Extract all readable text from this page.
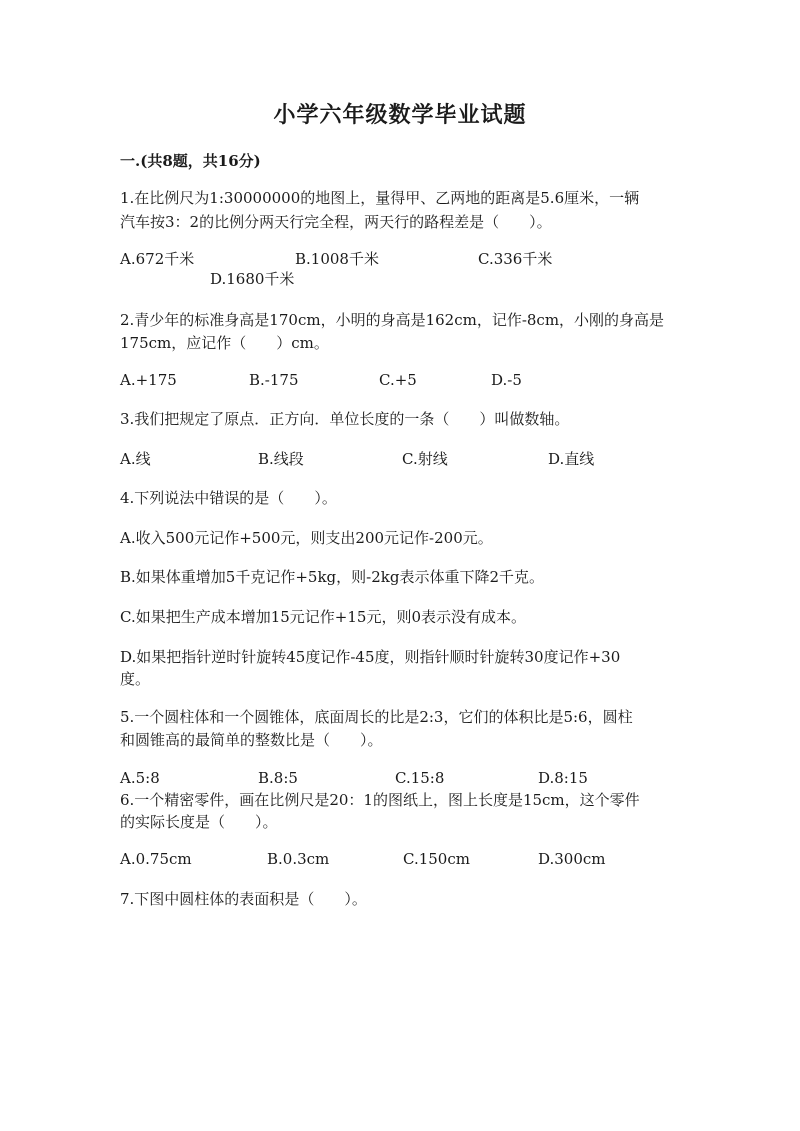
小学六年级数学毕业试题
一.(共8题，共16分)
1.在比例尺为1:30000000的地图上，量得甲、乙两地的距离是5.6厘米，一辆
汽车按3：2的比例分两天行完全程，两天行的路程差是（　　）。
A.672千米	B.1008千米	C.336千米
D.1680千米
2.青少年的标准身高是170cm，小明的身高是162cm，记作-8cm，小刚的身高是
175cm，应记作（　　）cm。
A.+175	B.-175	C.+5	D.-5
3.我们把规定了原点．正方向．单位长度的一条（　　）叫做数轴。
A.线	B.线段	C.射线	D.直线
4.下列说法中错误的是（　　）。
A.收入500元记作+500元，则支出200元记作-200元。
B.如果体重增加5千克记作+5kg，则-2kg表示体重下降2千克。
C.如果把生产成本增加15元记作+15元，则0表示没有成本。
D.如果把指针逆时针旋转45度记作-45度，则指针顺时针旋转30度记作+30
度。
5.一个圆柱体和一个圆锥体，底面周长的比是2:3，它们的体积比是5:6，圆柱
和圆锥高的最简单的整数比是（　　）。
A.5:8	B.8:5	C.15:8	D.8:15
6.一个精密零件，画在比例尺是20：1的图纸上，图上长度是15cm，这个零件
的实际长度是（　　）。
A.0.75cm	B.0.3cm	C.150cm	D.300cm
7.下图中圆柱体的表面积是（　　）。
